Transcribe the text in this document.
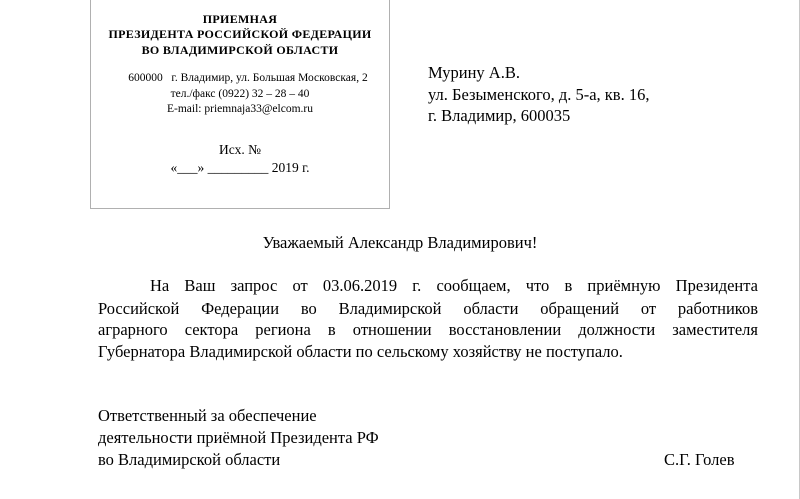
ПРИЕМНАЯ
ПРЕЗИДЕНТА РОССИЙСКОЙ ФЕДЕРАЦИИ
ВО ВЛАДИМИРСКОЙ ОБЛАСТИ
600000   г. Владимир, ул. Большая Московская, 2
тел./факс (0922) 32 – 28 – 40
E-mail: priemnaja33@elcom.ru
Исх. №
«___» _________ 2019 г.
Мурину А.В.
ул. Безыменского, д. 5-а, кв. 16,
г. Владимир, 600035
Уважаемый Александр Владимирович!
На Ваш запрос от 03.06.2019 г. сообщаем, что в приёмную Президента
Российской Федерации во Владимирской области обращений от работников
аграрного сектора региона в отношении восстановлении должности заместителя
Губернатора Владимирской области по сельскому хозяйству не поступало.
Ответственный за обеспечение
деятельности приёмной Президента РФ
во Владимирской области	С.Г. Голев
